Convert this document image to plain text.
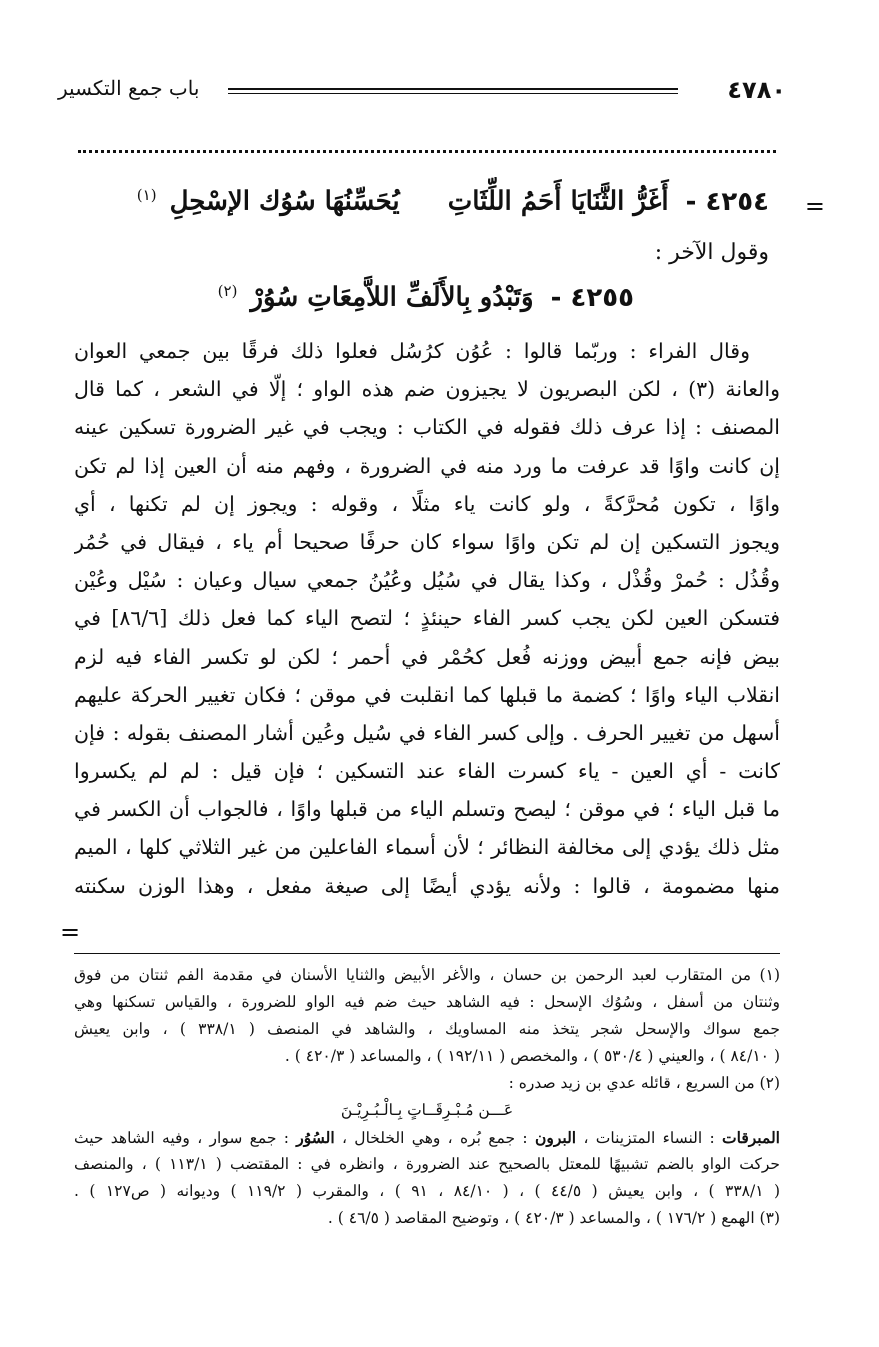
٤٧٨٠
باب جمع التكسير
=
٤٢٥٤ - أَغَرُّ الثَّنَايَا أَحَمُ اللِّثَاتِ  يُحَسِّنُهَا سُوُك الإسْحِلِ $^{(١)}$
وقول الآخر :
٤٢٥٥ - وَتَبْدُو بِالأَلَفِّ اللاَّمِعَاتِ سُوُرْ $^{(٢)}$
وقال الفراء : وربّما قالوا : عُوُن كرُسُل فعلوا ذلك فرقًا بين جمعي العوان
والعانة (٣) ، لكن البصريون لا يجيزون ضم هذه الواو ؛ إلّا في الشعر ، كما قال
المصنف : إذا عرف ذلك فقوله في الكتاب : ويجب في غير الضرورة تسكين عينه
إن كانت واوًا قد عرفت ما ورد منه في الضرورة ، وفهم منه أن العين إذا لم تكن
واوًا ، تكون مُحرَّكةً ، ولو كانت ياء مثلًا ، وقوله : ويجوز إن لم تكنها ، أي
ويجوز التسكين إن لم تكن واوًا سواء كان حرفًا صحيحا أم ياء ، فيقال في حُمُر
وقُذُل : حُمرْ وقُذْل ، وكذا يقال في سُيُل وعُيُنُ جمعي سيال وعيان : سُيْل وعُيْن
فتسكن العين لكن يجب كسر الفاء حينئذٍ ؛ لتصح الياء كما فعل ذلك [٨٦/٦] في
بيض فإنه جمع أبيض ووزنه فُعل كحُمْر في أحمر ؛ لكن لو تكسر الفاء فيه لزم
انقلاب الياء واوًا ؛ كضمة ما قبلها كما انقلبت في موقن ؛ فكان تغيير الحركة عليهم
أسهل من تغيير الحرف . وإلى كسر الفاء في سُيل وعُين أشار المصنف بقوله : فإن
كانت - أي العين - ياء كسرت الفاء عند التسكين ؛ فإن قيل : لم لم يكسروا
ما قبل الياء ؛ في موقن ؛ ليصح وتسلم الياء من قبلها واوًا ، فالجواب أن الكسر في
مثل ذلك يؤدي إلى مخالفة النظائر ؛ لأن أسماء الفاعلين من غير الثلاثي كلها ، الميم
منها مضمومة ، قالوا : ولأنه يؤدي أيضًا إلى صيغة مفعل ، وهذا الوزن سكنته
=
(١) من المتقارب لعبد الرحمن بن حسان ، والأغر الأبيض والثنايا الأسنان في مقدمة الفم ثنتان من فوق
وثنتان من أسفل ، وسُوُك الإسحل : فيه الشاهد حيث ضم فيه الواو للضرورة ، والقياس تسكنها وهي
جمع سواك والإسحل شجر يتخذ منه المساويك ، والشاهد في المنصف ( ٣٣٨/١ ) ، وابن يعيش
( ٨٤/١٠ ) ، والعيني ( ٥٣٠/٤ ) ، والمخصص ( ١٩٢/١١ ) ، والمساعد ( ٤٢٠/٣ ) .
(٢) من السريع ، قائله عدي بن زيد صدره :
عَـــن مُـبْـرِقَــاتٍ بِـالْـبُـرِيْـنَ
المبرقات : النساء المتزينات ، البرون : جمع بُره ، وهي الخلخال ، السُوُر : جمع سوار ، وفيه الشاهد حيث
حركت الواو بالضم تشبيهًا للمعتل بالصحيح عند الضرورة ، وانظره في : المقتضب ( ١١٣/١ ) ، والمنصف
( ٣٣٨/١ ) ، وابن يعيش ( ٤٤/٥ ) ، ( ٨٤/١٠ ، ٩١ ) ، والمقرب ( ١١٩/٢ ) وديوانه ( ص١٢٧ ) .
(٣) الهمع ( ١٧٦/٢ ) ، والمساعد ( ٤٢٠/٣ ) ، وتوضيح المقاصد ( ٤٦/٥ ) .
